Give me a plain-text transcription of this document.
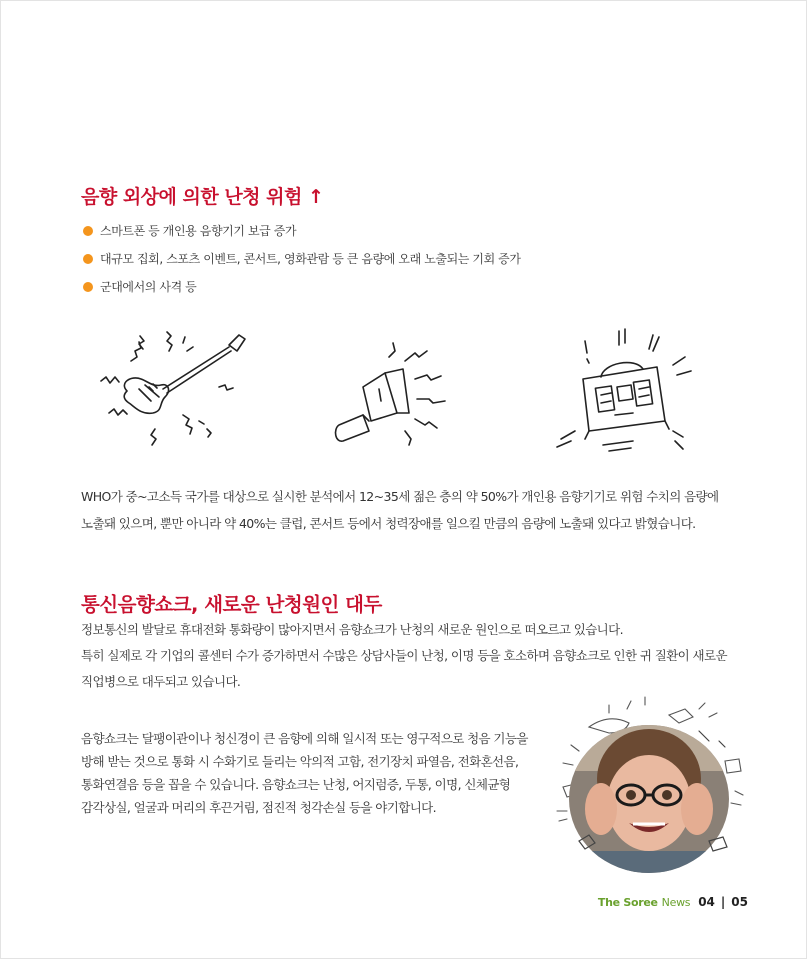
음향 외상에 의한 난청 위험 ↑
스마트폰 등 개인용 음향기기 보급 증가
대규모 집회, 스포츠 이벤트, 콘서트, 영화관람 등 큰 음량에 오래 노출되는 기회 증가
군대에서의 사격 등

WHO가 중~고소득 국가를 대상으로 실시한 분석에서 12~35세 젊은 층의 약 50%가 개인용 음향기기로 위험 수치의 음량에

노출돼 있으며, 뿐만 아니라 약 40%는 클럽, 콘서트 등에서 청력장애를 일으킬 만큼의 음량에 노출돼 있다고 밝혔습니다.

통신음향쇼크, 새로운 난청원인 대두

정보통신의 발달로 휴대전화 통화량이 많아지면서 음향쇼크가 난청의 새로운 원인으로 떠오르고 있습니다.

특히 실제로 각 기업의 콜센터 수가 증가하면서 수많은 상담사들이 난청, 이명 등을 호소하며 음향쇼크로 인한 귀 질환이 새로운

직업병으로 대두되고 있습니다.

음향쇼크는 달팽이관이나 청신경이 큰 음향에 의해 일시적 또는 영구적으로 청음 기능을

방해 받는 것으로 통화 시 수화기로 들리는 악의적 고함, 전기장치 파열음, 전화혼선음,

통화연결음 등을 꼽을 수 있습니다. 음향쇼크는 난청, 어지럼증, 두통, 이명, 신체균형

감각상실, 얼굴과 머리의 후끈거림, 점진적 청각손실 등을 야기합니다.

The Soree News 04 | 05
